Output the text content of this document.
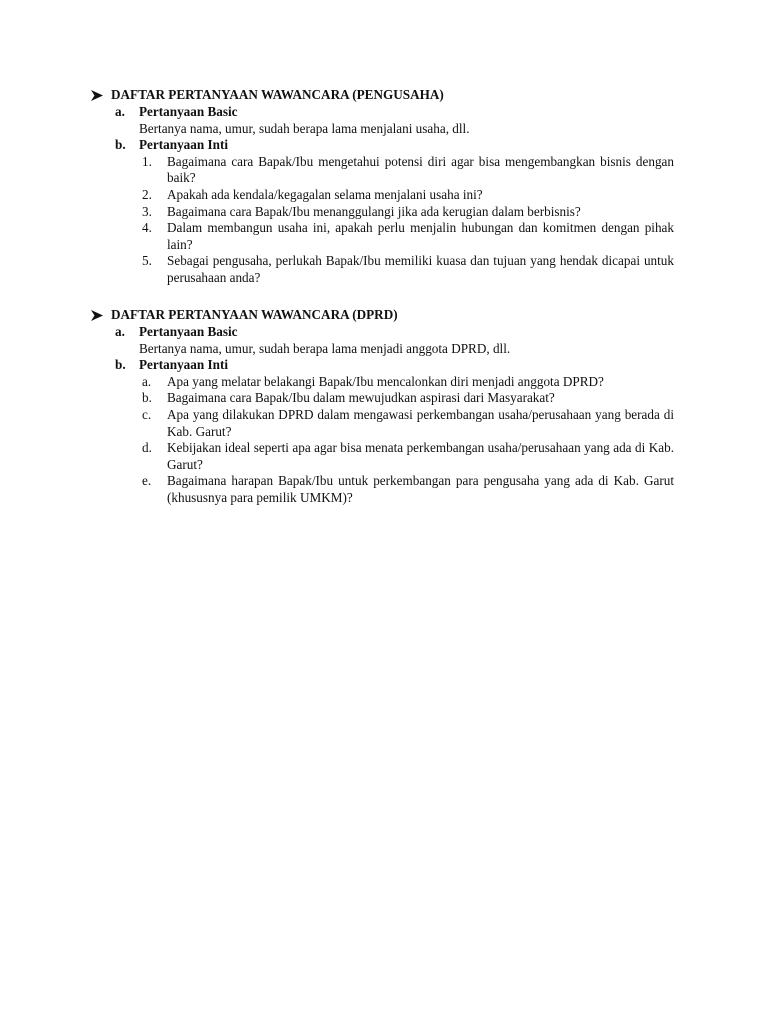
DAFTAR PERTANYAAN WAWANCARA (PENGUSAHA)
a. Pertanyaan Basic
Bertanya nama, umur, sudah berapa lama menjalani usaha, dll.
b. Pertanyaan Inti
1. Bagaimana cara Bapak/Ibu mengetahui potensi diri agar bisa mengembangkan bisnis dengan baik?
2. Apakah ada kendala/kegagalan selama menjalani usaha ini?
3. Bagaimana cara Bapak/Ibu menanggulangi jika ada kerugian dalam berbisnis?
4. Dalam membangun usaha ini, apakah perlu menjalin hubungan dan komitmen dengan pihak lain?
5. Sebagai pengusaha, perlukah Bapak/Ibu memiliki kuasa dan tujuan yang hendak dicapai untuk perusahaan anda?
DAFTAR PERTANYAAN WAWANCARA (DPRD)
a. Pertanyaan Basic
Bertanya nama, umur, sudah berapa lama menjadi anggota DPRD, dll.
b. Pertanyaan Inti
a. Apa yang melatar belakangi Bapak/Ibu mencalonkan diri menjadi anggota DPRD?
b. Bagaimana cara Bapak/Ibu dalam mewujudkan aspirasi dari Masyarakat?
c. Apa yang dilakukan DPRD dalam mengawasi perkembangan usaha/perusahaan yang berada di Kab. Garut?
d. Kebijakan ideal seperti apa agar bisa menata perkembangan usaha/perusahaan yang ada di Kab. Garut?
e. Bagaimana harapan Bapak/Ibu untuk perkembangan para pengusaha yang ada di Kab. Garut (khususnya para pemilik UMKM)?
